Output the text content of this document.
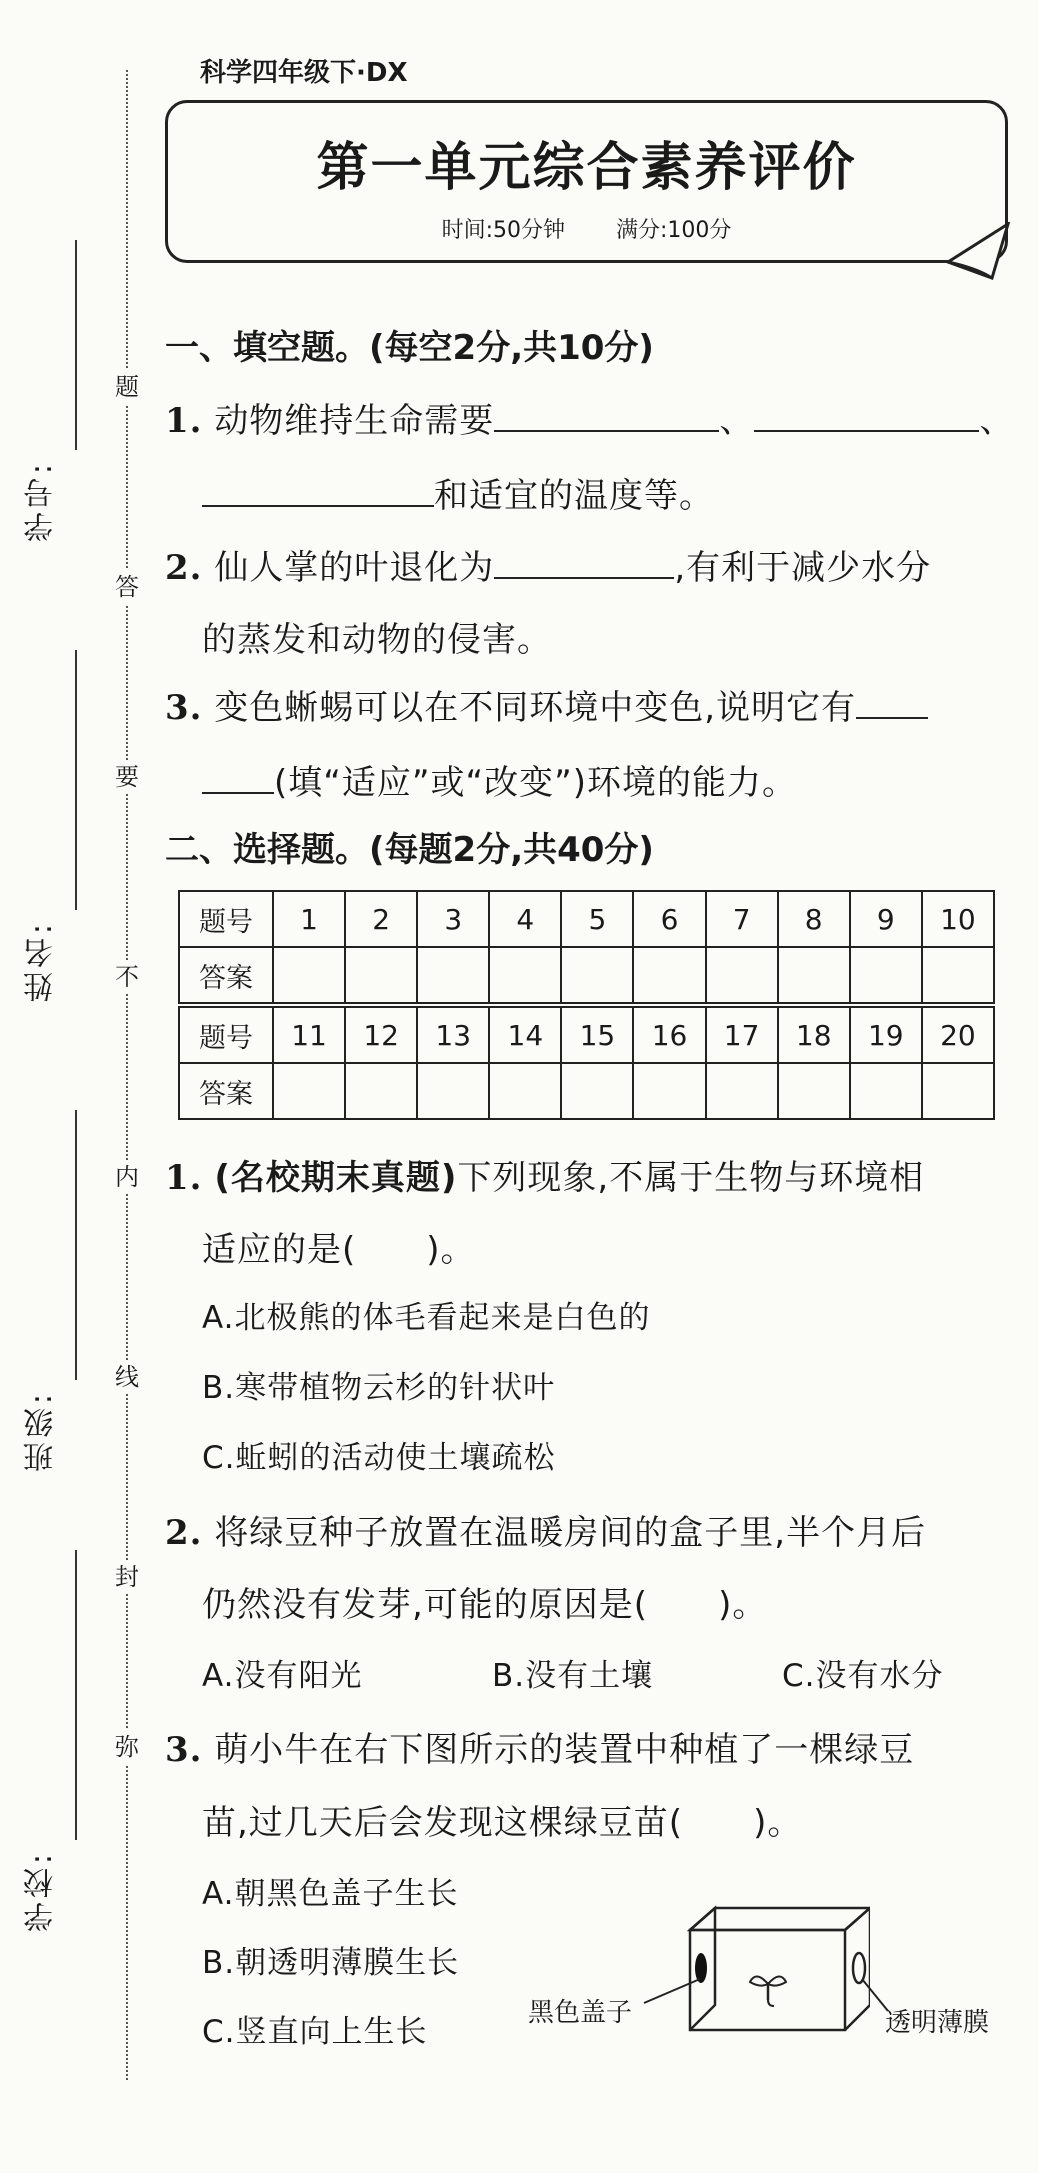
题
答
要
不
内
线
封
弥
学号:
姓名:
班级:
学校:
科学四年级下·DX
第一单元综合素养评价
时间:50分钟 满分:100分
一、填空题。(每空2分,共10分)
1. 动物维持生命需要	、	、
和适宜的温度等。
2. 仙人掌的叶退化为	,有利于减少水分
的蒸发和动物的侵害。
3. 变色蜥蜴可以在不同环境中变色,说明它有
(填“适应”或“改变”)环境的能力。
二、选择题。(每题2分,共40分)
题号	1	2	3	4	5	6	7	8	9	10
答案										
题号	11	12	13	14	15	16	17	18	19	20
答案										
1. (名校期末真题)下列现象,不属于生物与环境相
适应的是(　　)。
A.北极熊的体毛看起来是白色的
B.寒带植物云杉的针状叶
C.蚯蚓的活动使土壤疏松
2. 将绿豆种子放置在温暖房间的盒子里,半个月后
仍然没有发芽,可能的原因是(　　)。
A.没有阳光	B.没有土壤	C.没有水分
3. 萌小牛在右下图所示的装置中种植了一棵绿豆
苗,过几天后会发现这棵绿豆苗(　　)。
A.朝黑色盖子生长
B.朝透明薄膜生长
C.竖直向上生长
黑色盖子	透明薄膜
